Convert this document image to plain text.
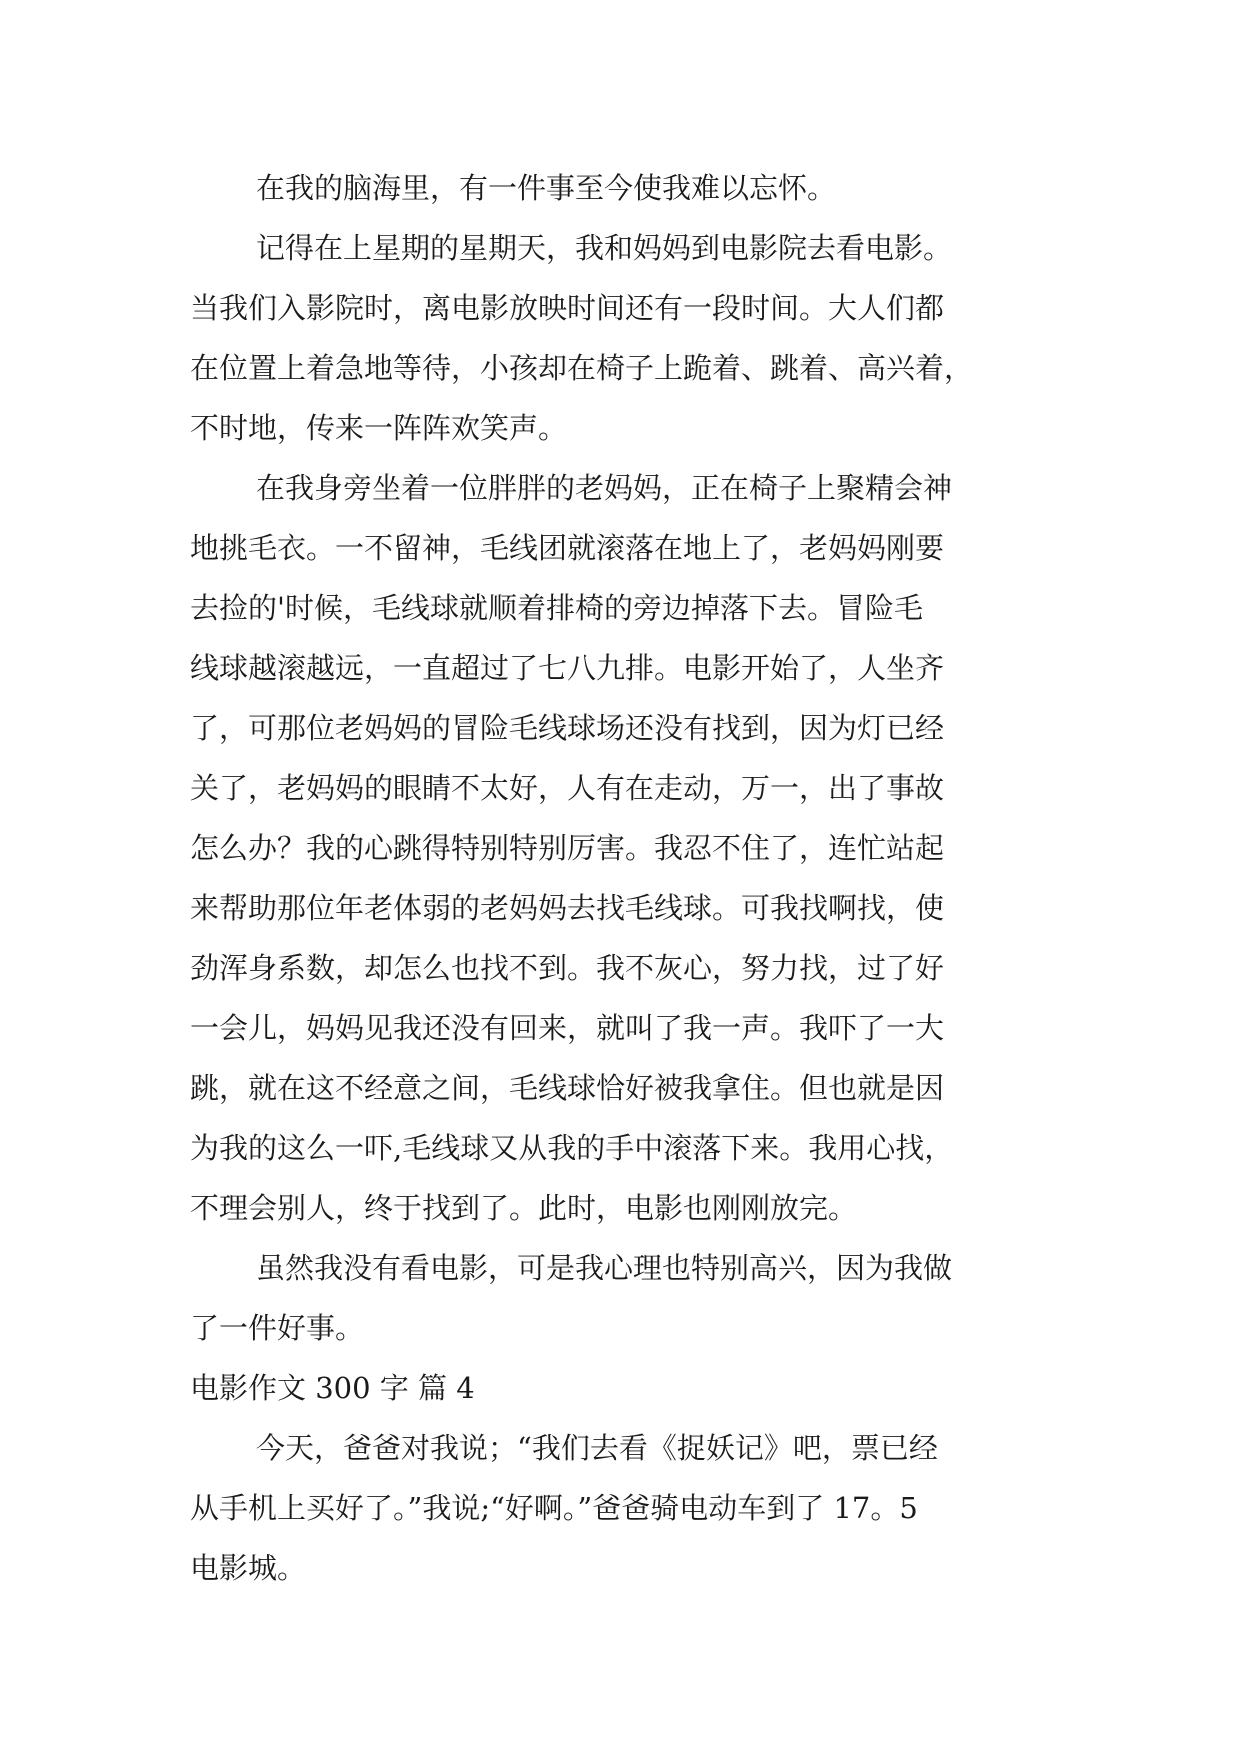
在我的脑海里，有一件事至今使我难以忘怀。
记得在上星期的星期天，我和妈妈到电影院去看电影。
当我们入影院时，离电影放映时间还有一段时间。大人们都
在位置上着急地等待，小孩却在椅子上跪着、跳着、高兴着，
不时地，传来一阵阵欢笑声。
在我身旁坐着一位胖胖的老妈妈，正在椅子上聚精会神
地挑毛衣。一不留神，毛线团就滚落在地上了，老妈妈刚要
去捡的'时候，毛线球就顺着排椅的旁边掉落下去。冒险毛
线球越滚越远，一直超过了七八九排。电影开始了，人坐齐
了，可那位老妈妈的冒险毛线球场还没有找到，因为灯已经
关了，老妈妈的眼睛不太好，人有在走动，万一，出了事故
怎么办？我的心跳得特别特别厉害。我忍不住了，连忙站起
来帮助那位年老体弱的老妈妈去找毛线球。可我找啊找，使
劲浑身系数，却怎么也找不到。我不灰心，努力找，过了好
一会儿，妈妈见我还没有回来，就叫了我一声。我吓了一大
跳，就在这不经意之间，毛线球恰好被我拿住。但也就是因
为我的这么一吓,毛线球又从我的手中滚落下来。我用心找，
不理会别人，终于找到了。此时，电影也刚刚放完。
虽然我没有看电影，可是我心理也特别高兴，因为我做
了一件好事。
电影作文 300 字 篇 4
今天，爸爸对我说；“我们去看《捉妖记》吧，票已经
从手机上买好了。”我说;“好啊。”爸爸骑电动车到了 17。5
电影城。
